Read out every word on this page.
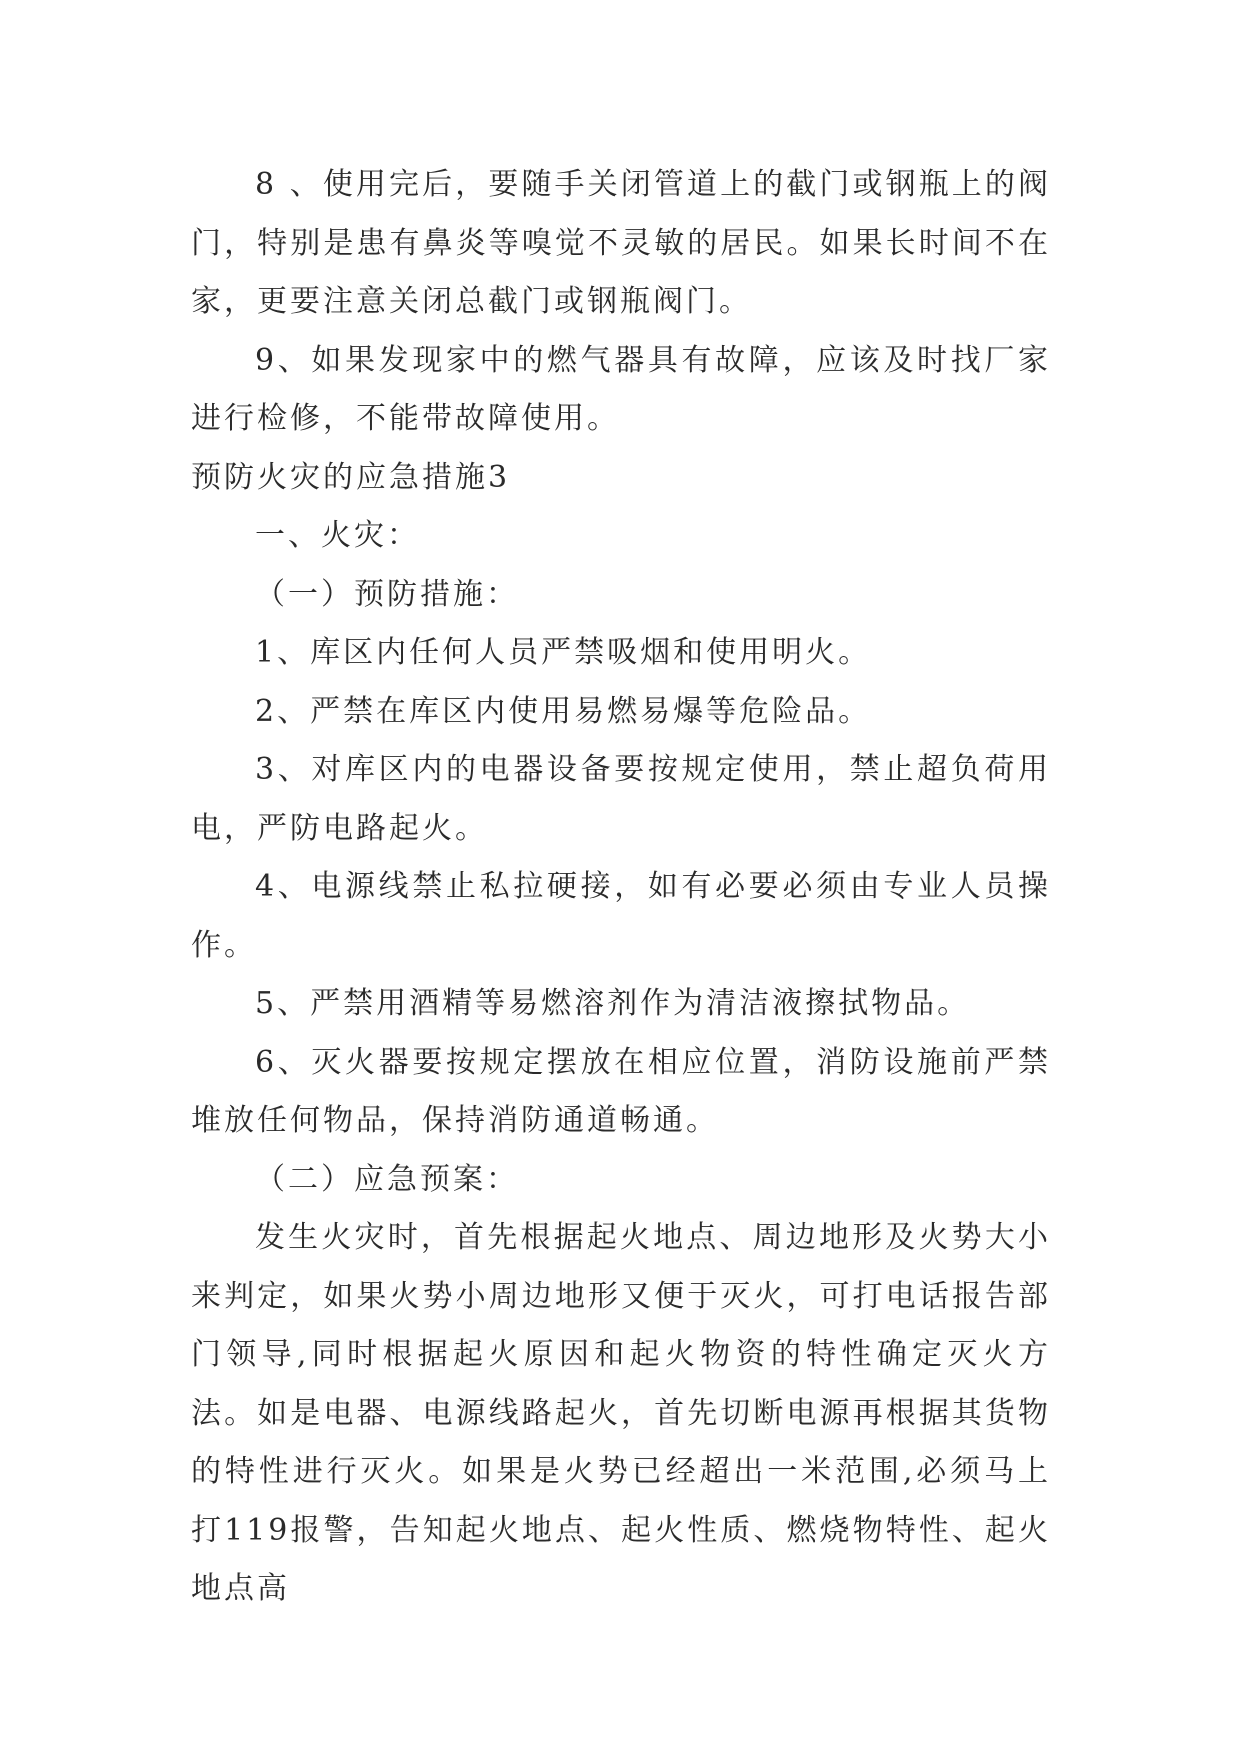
8 、使用完后，要随手关闭管道上的截门或钢瓶上的阀门，特别是患有鼻炎等嗅觉不灵敏的居民。如果长时间不在家，更要注意关闭总截门或钢瓶阀门。

9、如果发现家中的燃气器具有故障，应该及时找厂家进行检修，不能带故障使用。

预防火灾的应急措施3

一、火灾：

（一）预防措施：

1、库区内任何人员严禁吸烟和使用明火。

2、严禁在库区内使用易燃易爆等危险品。

3、对库区内的电器设备要按规定使用，禁止超负荷用电，严防电路起火。

4、电源线禁止私拉硬接，如有必要必须由专业人员操作。

5、严禁用酒精等易燃溶剂作为清洁液擦拭物品。

6、灭火器要按规定摆放在相应位置，消防设施前严禁堆放任何物品，保持消防通道畅通。

（二）应急预案：

发生火灾时，首先根据起火地点、周边地形及火势大小来判定，如果火势小周边地形又便于灭火，可打电话报告部门领导,同时根据起火原因和起火物资的特性确定灭火方法。如是电器、电源线路起火，首先切断电源再根据其货物的特性进行灭火。如果是火势已经超出一米范围,必须马上打119报警，告知起火地点、起火性质、燃烧物特性、起火地点高
